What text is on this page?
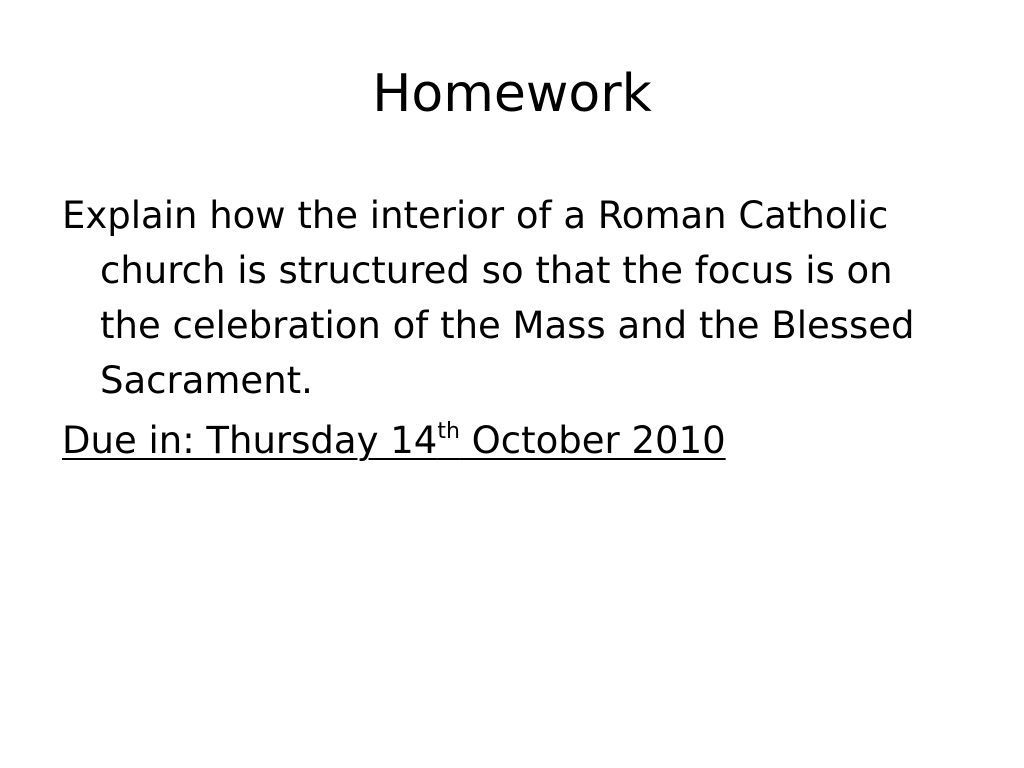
Homework

Explain how the interior of a Roman Catholic church is structured so that the focus is on the celebration of the Mass and the Blessed Sacrament.

Due in: Thursday 14th October 2010
